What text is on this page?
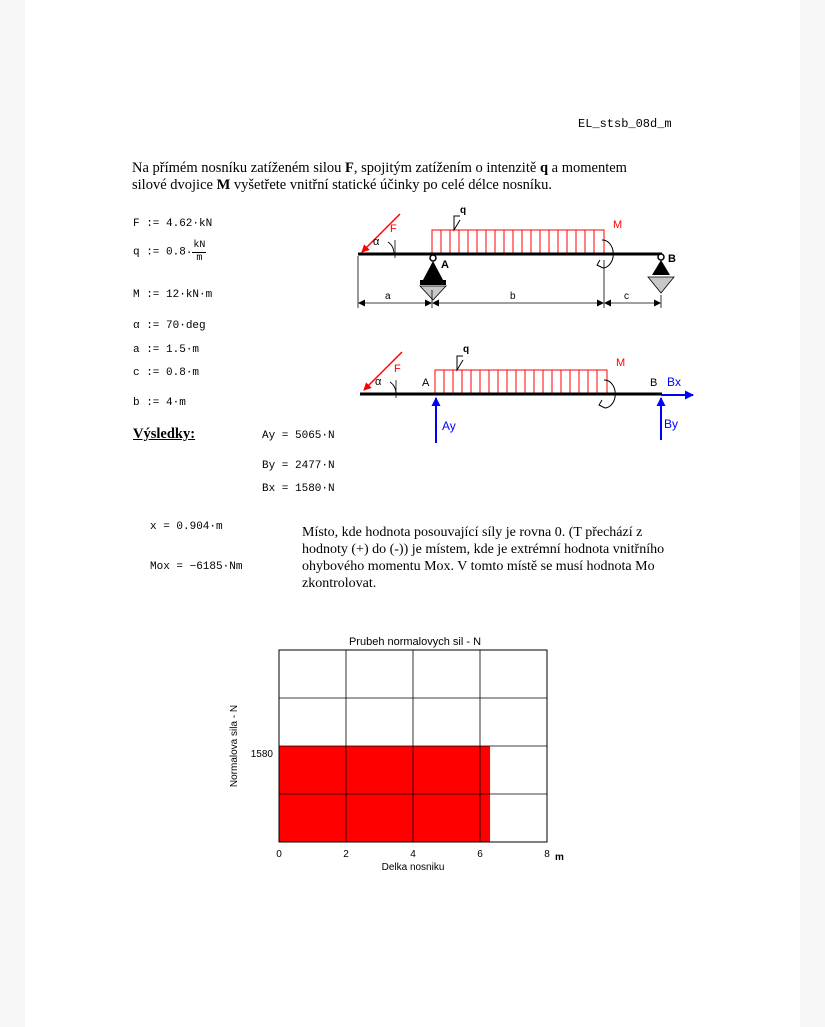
EL_stsb_08d_m
Na přímém nosníku zatíženém silou F, spojitým zatížením o intenzitě q a momentem silové dvojice M vyšetřete vnitřní statické účinky po celé délce nosníku.
F := 4.62·kN
q := $0.8\cdot \frac{kN}{m}$
M := 12·kN·m
α := 70·deg
a := 1.5·m
c := 0.8·m
b := 4·m
q
F
α
M
A	B
a	b	c
q
F
α
M
A	B
Ay	By
Bx
Výsledky:	Ay = 5065·N
By = 2477·N
Bx = 1580·N
x = 0.904·m
Mox = −6185·Nm
Místo, kde hodnota posouvající síly je rovna 0. (T přechází z hodnoty (+) do (-)) je místem, kde je extrémní hodnota vnitřního ohybového momentu Mox. V tomto místě se musí hodnota Mo zkontrolovat.
Prubeh normalovych sil - N
0	2	4	6	8
1580
m
Delka nosniku
Normalova sila - N
